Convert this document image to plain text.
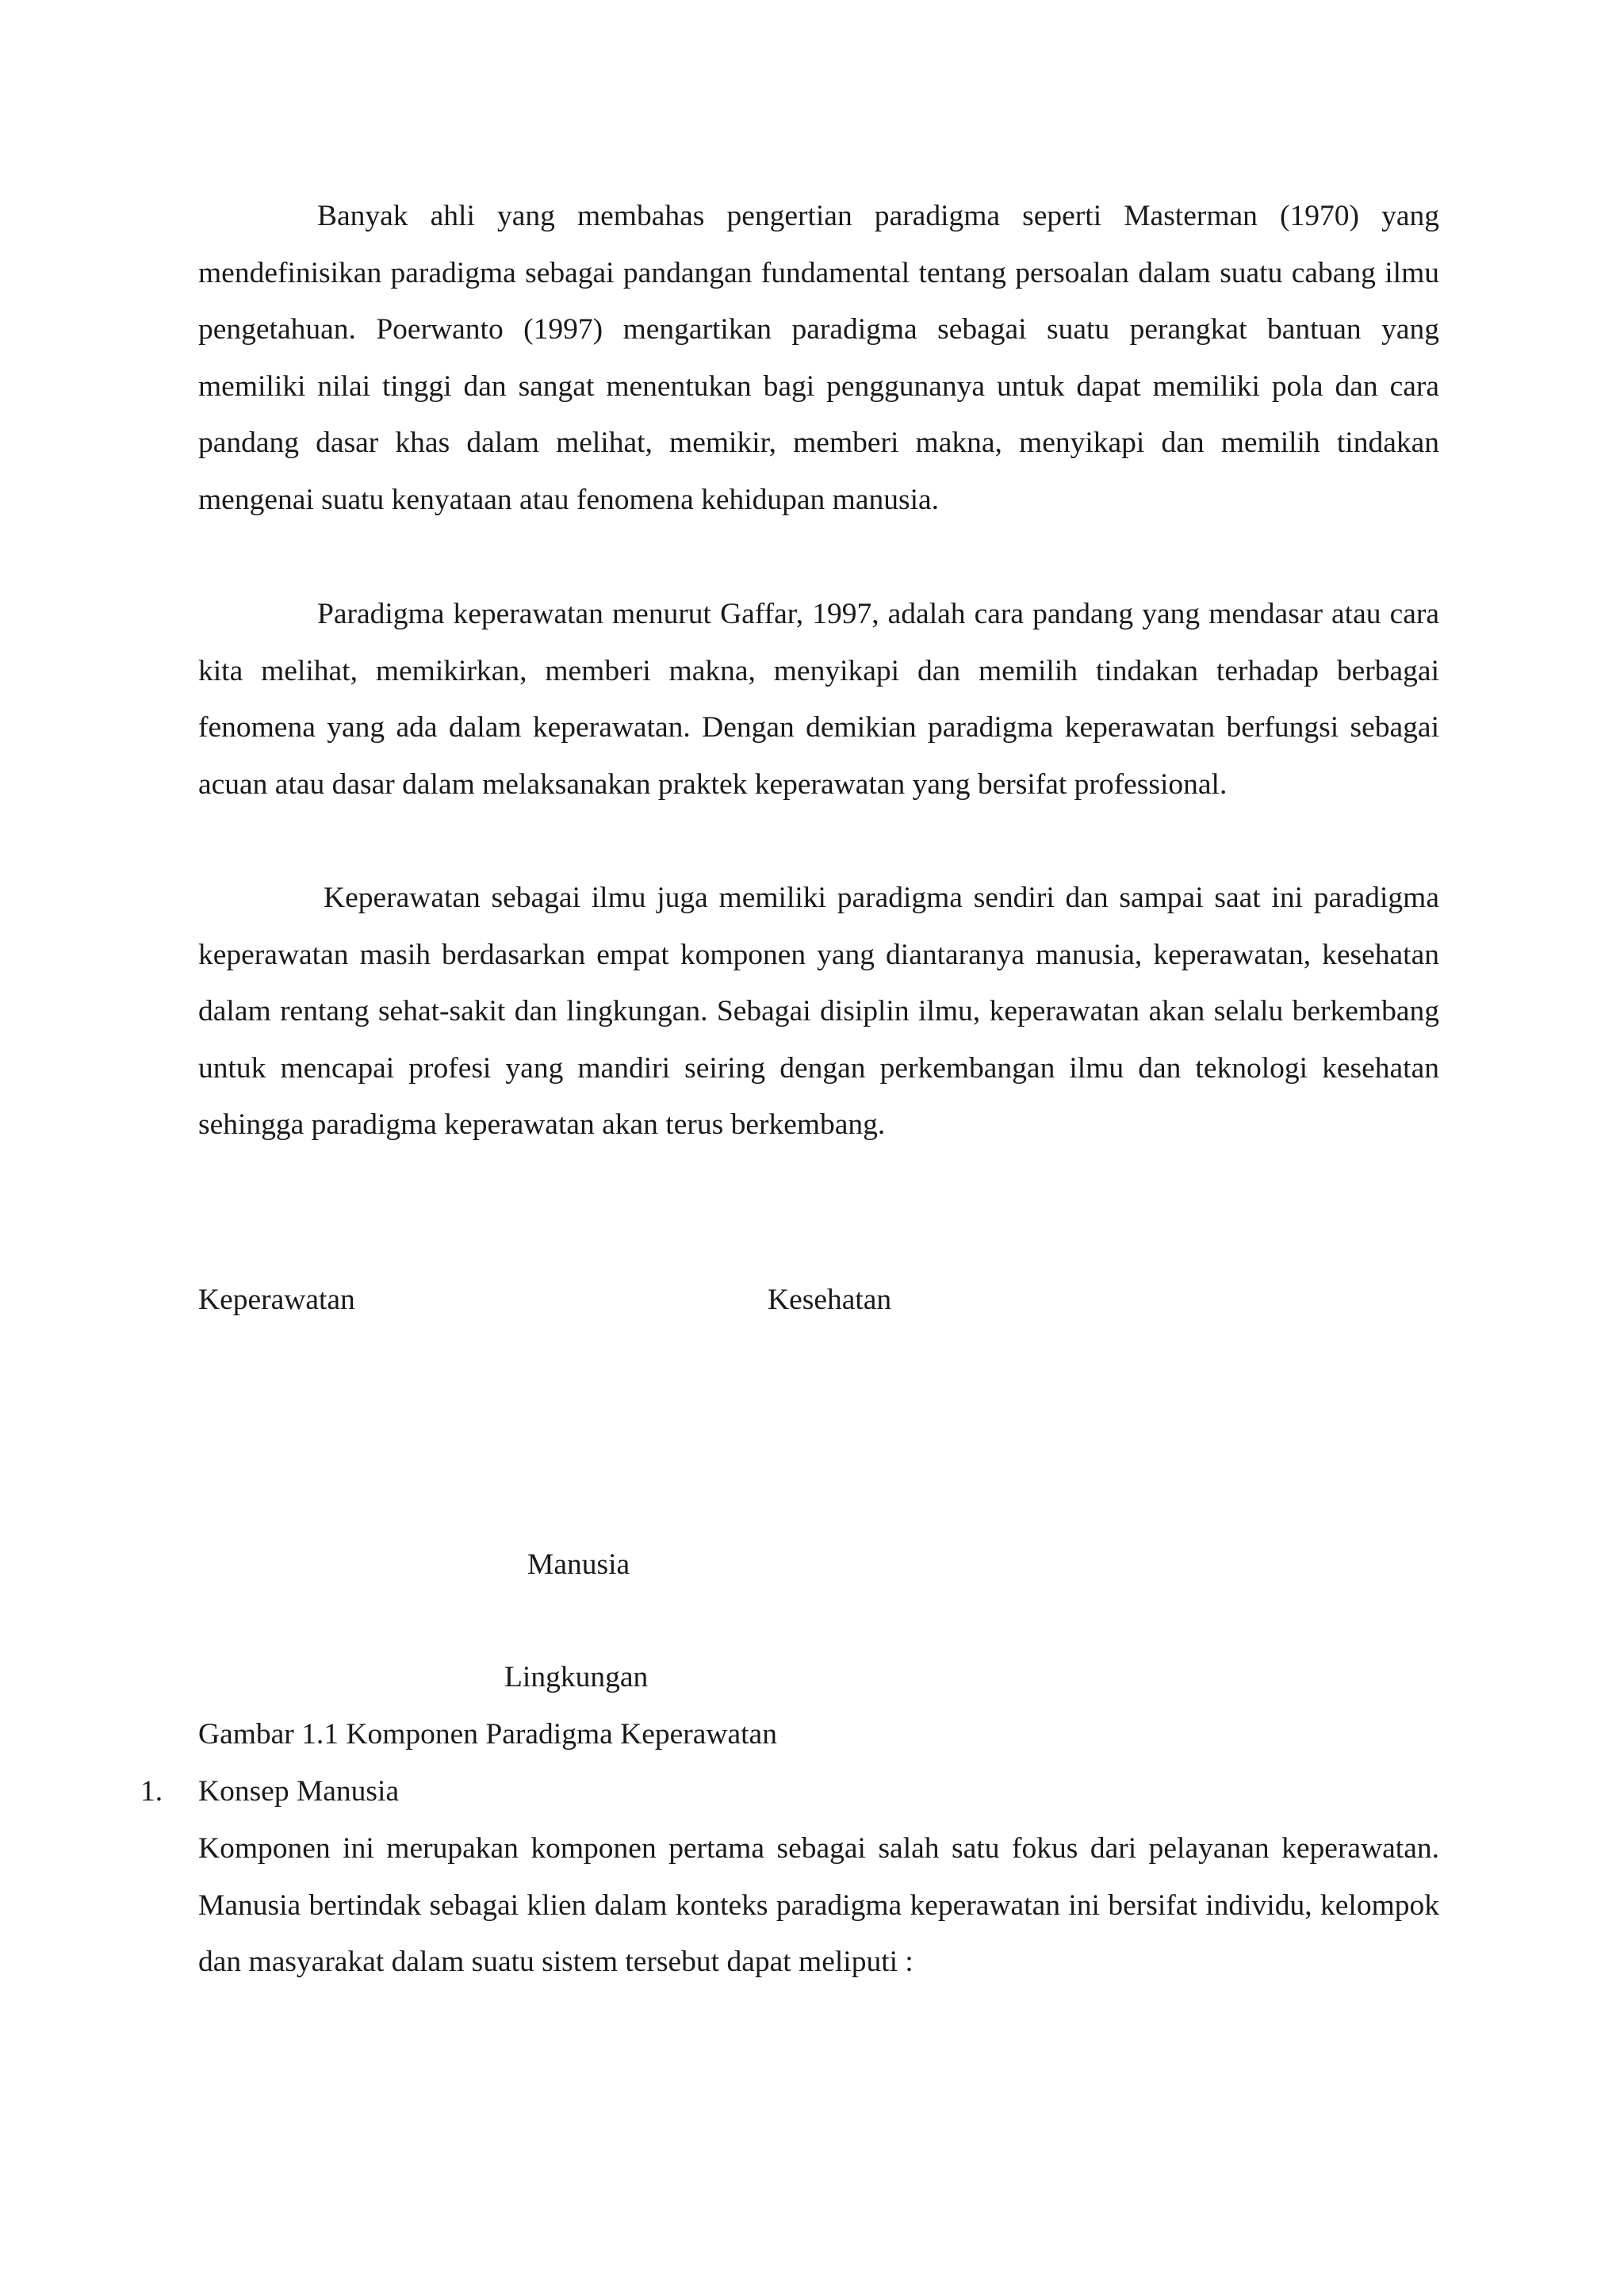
Banyak ahli yang membahas pengertian paradigma seperti Masterman (1970) yang mendefinisikan paradigma sebagai pandangan fundamental tentang persoalan dalam suatu cabang ilmu pengetahuan. Poerwanto (1997) mengartikan paradigma sebagai suatu perangkat bantuan yang memiliki nilai tinggi dan sangat menentukan bagi penggunanya untuk dapat memiliki pola dan cara pandang dasar khas dalam melihat, memikir, memberi makna, menyikapi dan memilih tindakan mengenai suatu kenyataan atau fenomena kehidupan manusia.

Paradigma keperawatan menurut Gaffar, 1997, adalah cara pandang yang mendasar atau cara kita melihat, memikirkan, memberi makna, menyikapi dan memilih tindakan terhadap berbagai fenomena yang ada dalam keperawatan. Dengan demikian paradigma keperawatan berfungsi sebagai acuan atau dasar dalam melaksanakan praktek keperawatan yang bersifat professional.

Keperawatan sebagai ilmu juga memiliki paradigma sendiri dan sampai saat ini paradigma keperawatan masih berdasarkan empat komponen yang diantaranya manusia, keperawatan, kesehatan dalam rentang sehat-sakit dan lingkungan. Sebagai disiplin ilmu, keperawatan akan selalu berkembang untuk mencapai profesi yang mandiri seiring dengan perkembangan ilmu dan teknologi kesehatan sehingga paradigma keperawatan akan terus berkembang.

Keperawatan	Kesehatan

Manusia

Lingkungan

Gambar 1.1 Komponen Paradigma Keperawatan

1. Konsep Manusia

Komponen ini merupakan komponen pertama sebagai salah satu fokus dari pelayanan keperawatan. Manusia bertindak sebagai klien dalam konteks paradigma keperawatan ini bersifat individu, kelompok dan masyarakat dalam suatu sistem tersebut dapat meliputi :
